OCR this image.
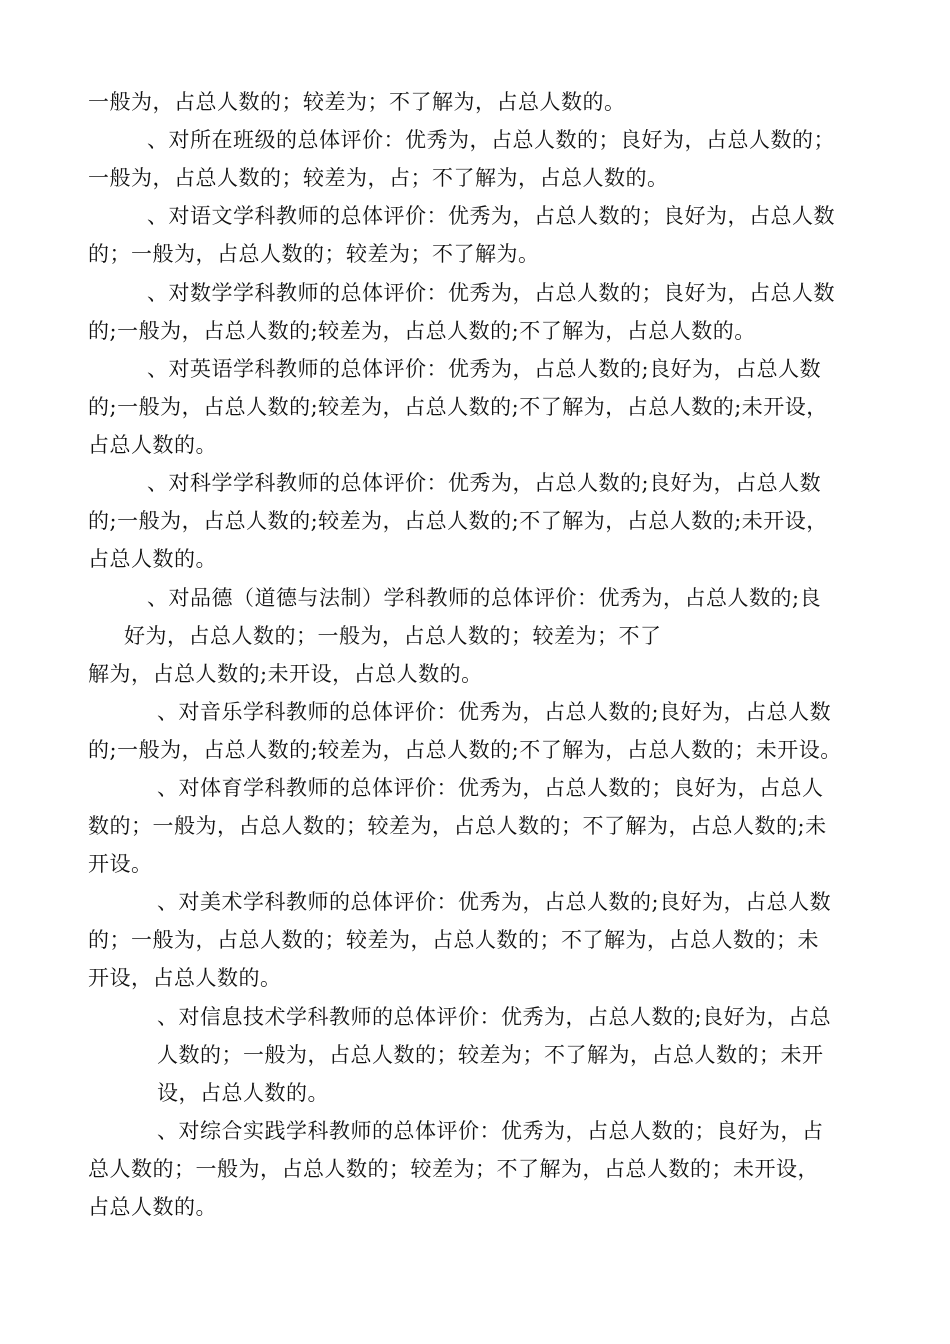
一般为，占总人数的；较差为；不了解为，占总人数的。
、对所在班级的总体评价：优秀为，占总人数的；良好为，占总人数的；
一般为，占总人数的；较差为，占；不了解为，占总人数的。
、对语文学科教师的总体评价：优秀为，占总人数的；良好为，占总人数
的；一般为，占总人数的；较差为；不了解为。
、对数学学科教师的总体评价：优秀为，占总人数的；良好为，占总人数
的;一般为，占总人数的;较差为，占总人数的;不了解为，占总人数的。
、对英语学科教师的总体评价：优秀为，占总人数的;良好为，占总人数
的;一般为，占总人数的;较差为，占总人数的;不了解为，占总人数的;未开设，
占总人数的。
、对科学学科教师的总体评价：优秀为，占总人数的;良好为，占总人数
的;一般为，占总人数的;较差为，占总人数的;不了解为，占总人数的;未开设，
占总人数的。
、对品德（道德与法制）学科教师的总体评价：优秀为，占总人数的;良
好为，占总人数的；一般为，占总人数的；较差为；不了
解为，占总人数的;未开设，占总人数的。
、对音乐学科教师的总体评价：优秀为，占总人数的;良好为，占总人数
的;一般为，占总人数的;较差为，占总人数的;不了解为，占总人数的；未开设。
、对体育学科教师的总体评价：优秀为，占总人数的；良好为，占总人
数的；一般为，占总人数的；较差为，占总人数的；不了解为，占总人数的;未
开设。
、对美术学科教师的总体评价：优秀为，占总人数的;良好为，占总人数
的；一般为，占总人数的；较差为，占总人数的；不了解为，占总人数的；未
开设，占总人数的。
、对信息技术学科教师的总体评价：优秀为，占总人数的;良好为，占总
人数的；一般为，占总人数的；较差为；不了解为，占总人数的；未开
设，占总人数的。
、对综合实践学科教师的总体评价：优秀为，占总人数的；良好为，占
总人数的；一般为，占总人数的；较差为；不了解为，占总人数的；未开设，
占总人数的。
